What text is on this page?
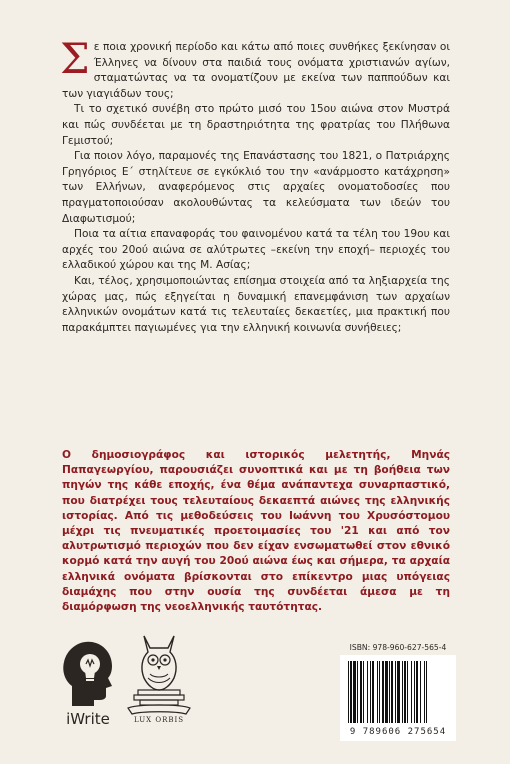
Σε ποια χρονική περίοδο και κάτω από ποιες συνθήκες ξεκίνησαν οι Έλληνες να δίνουν στα παιδιά τους ονόματα χριστιανών αγίων, σταματώντας να τα ονοματίζουν με εκείνα των παππούδων και των γιαγιάδων τους;

Τι το σχετικό συνέβη στο πρώτο μισό του 15ου αιώνα στον Μυστρά και πώς συνδέεται με τη δραστηριότητα της φρατρίας του Πλήθωνα Γεμιστού;

Για ποιον λόγο, παραμονές της Επανάστασης του 1821, ο Πατριάρχης Γρηγόριος Ε΄ στηλίτευε σε εγκύκλιό του την «ανάρμοστο κατάχρηση» των Ελλήνων, αναφερόμενος στις αρχαίες ονοματοδοσίες που πραγματοποιούσαν ακολουθώντας τα κελεύσματα των ιδεών του Διαφωτισμού;

Ποια τα αίτια επαναφοράς του φαινομένου κατά τα τέλη του 19ου και αρχές του 20ού αιώνα σε αλύτρωτες –εκείνη την εποχή– περιοχές του ελλαδικού χώρου και της Μ. Ασίας;

Και, τέλος, χρησιμοποιώντας επίσημα στοιχεία από τα ληξιαρχεία της χώρας μας, πώς εξηγείται η δυναμική επανεμφάνιση των αρχαίων ελληνικών ονομάτων κατά τις τελευταίες δεκαετίες, μια πρακτική που παρακάμπτει παγιωμένες για την ελληνική κοινωνία συνήθειες;

Ο δημοσιογράφος και ιστορικός μελετητής, Μηνάς Παπαγεωργίου, παρουσιάζει συνοπτικά και με τη βοήθεια των πηγών της κάθε εποχής, ένα θέμα ανάπαντεχα συναρπαστικό, που διατρέχει τους τελευταίους δεκαεπτά αιώνες της ελληνικής ιστορίας. Από τις μεθοδεύσεις του Ιωάννη του Χρυσόστομου μέχρι τις πνευματικές προετοιμασίες του '21 και από τον αλυτρωτισμό περιοχών που δεν είχαν ενσωματωθεί στον εθνικό κορμό κατά την αυγή του 20ού αιώνα έως και σήμερα, τα αρχαία ελληνικά ονόματα βρίσκονται στο επίκεντρο μιας υπόγειας διαμάχης που στην ουσία της συνδέεται άμεσα με τη διαμόρφωση της νεοελληνικής ταυτότητας.

iWrite	LUX ORBIS
ISBN: 978-960-627-565-4
9 789606 275654
